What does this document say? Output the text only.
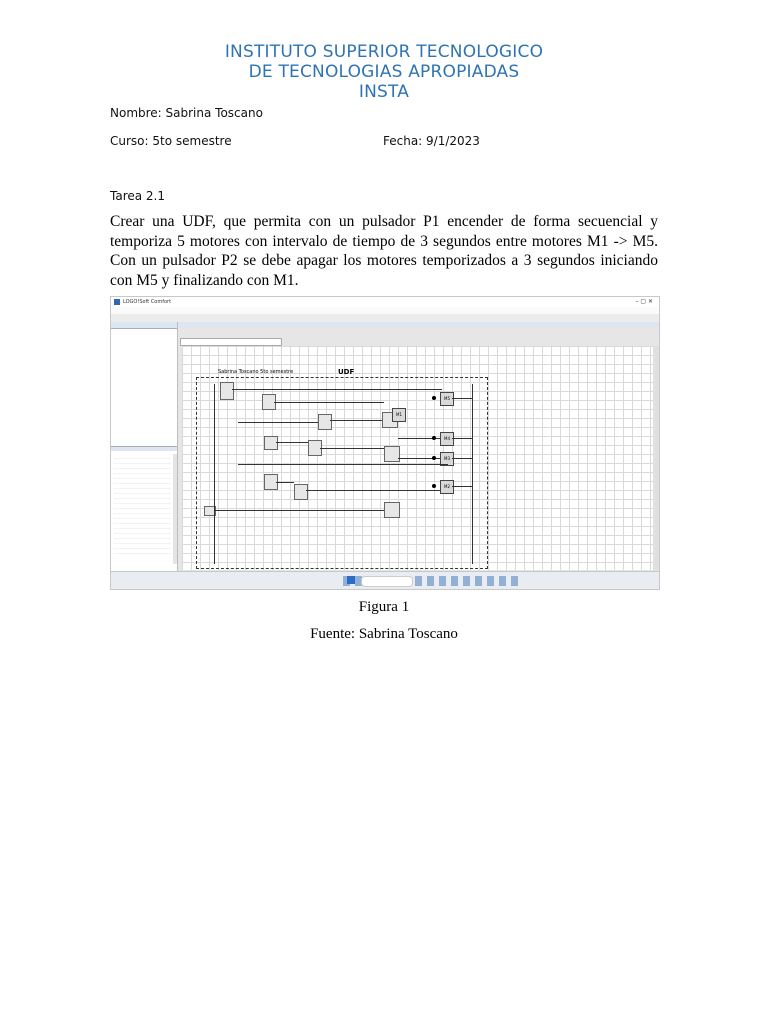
INSTITUTO SUPERIOR TECNOLOGICO
DE TECNOLOGIAS APROPIADAS
INSTA
Nombre: Sabrina Toscano
Curso: 5to semestre	Fecha: 9/1/2023
Tarea 2.1
Crear una UDF, que permita con un pulsador P1 encender de forma secuencial y temporiza 5 motores con intervalo de tiempo de 3 segundos entre motores M1 -> M5. Con un pulsador P2 se debe apagar los motores temporizados a 3 segundos iniciando con M5 y finalizando con M1.
LOGO!Soft Comfort	– ▢ ✕
Sabrina Toscano 5to semestre	UDF
M5
M4
M3
M2
M1
Figura 1
Fuente: Sabrina Toscano
